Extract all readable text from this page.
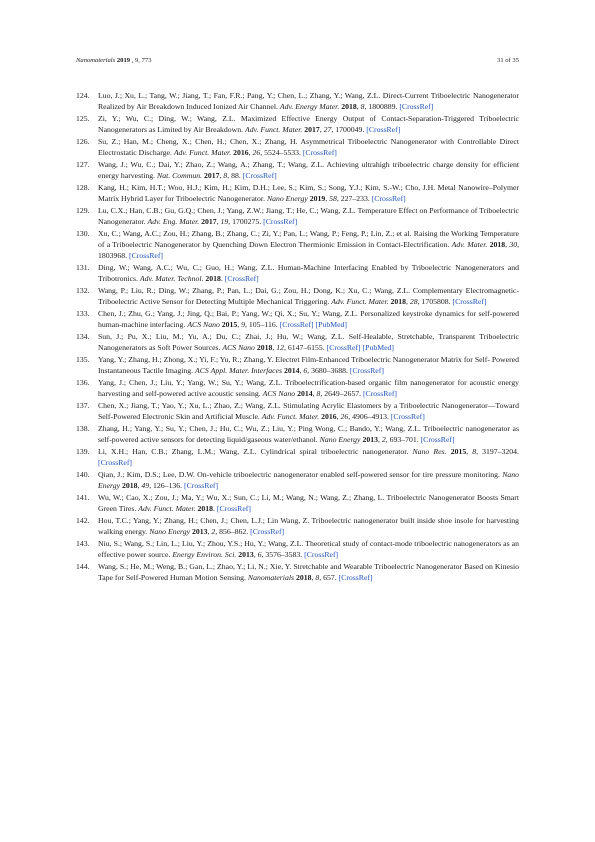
Nanomaterials 2019 , 9, 773	31 of 35
124.	Luo, J.; Xu, L.; Tang, W.; Jiang, T.; Fan, F.R.; Pang, Y.; Chen, L.; Zhang, Y.; Wang, Z.L. Direct-Current Triboelectric Nanogenerator Realized by Air Breakdown Induced Ionized Air Channel. Adv. Energy Mater. 2018, 8, 1800889. [CrossRef]
125.	Zi, Y.; Wu, C.; Ding, W.; Wang, Z.L. Maximized Effective Energy Output of Contact-Separation-Triggered Triboelectric Nanogenerators as Limited by Air Breakdown. Adv. Funct. Mater. 2017, 27, 1700049. [CrossRef]
126.	Su, Z.; Han, M.; Cheng, X.; Chen, H.; Chen, X.; Zhang, H. Asymmetrical Triboelectric Nanogenerator with Controllable Direct Electrostatic Discharge. Adv. Funct. Mater. 2016, 26, 5524–5533. [CrossRef]
127.	Wang, J.; Wu, C.; Dai, Y.; Zhao, Z.; Wang, A.; Zhang, T.; Wang, Z.L. Achieving ultrahigh triboelectric charge density for efficient energy harvesting. Nat. Commun. 2017, 8, 88. [CrossRef]
128.	Kang, H.; Kim, H.T.; Woo, H.J.; Kim, H.; Kim, D.H.; Lee, S.; Kim, S.; Song, Y.J.; Kim, S.-W.; Cho, J.H. Metal Nanowire–Polymer Matrix Hybrid Layer for Triboelectric Nanogenerator. Nano Energy 2019, 58, 227–233. [CrossRef]
129.	Lu, C.X.; Han, C.B.; Gu, G.Q.; Chen, J.; Yang, Z.W.; Jiang, T.; He, C.; Wang, Z.L. Temperature Effect on Performance of Triboelectric Nanogenerator. Adv. Eng. Mater. 2017, 19, 1700275. [CrossRef]
130.	Xu, C.; Wang, A.C.; Zou, H.; Zhang, B.; Zhang, C.; Zi, Y.; Pan, L.; Wang, P.; Feng, P.; Lin, Z.; et al. Raising the Working Temperature of a Triboelectric Nanogenerator by Quenching Down Electron Thermionic Emission in Contact-Electrification. Adv. Mater. 2018, 30, 1803968. [CrossRef]
131.	Ding, W.; Wang, A.C.; Wu, C.; Guo, H.; Wang, Z.L. Human-Machine Interfacing Enabled by Triboelectric Nanogenerators and Tribotronics. Adv. Mater. Technol. 2018. [CrossRef]
132.	Wang, P.; Liu, R.; Ding, W.; Zhang, P.; Pan, L.; Dai, G.; Zou, H.; Dong, K.; Xu, C.; Wang, Z.L. Complementary Electromagnetic-Triboelectric Active Sensor for Detecting Multiple Mechanical Triggering. Adv. Funct. Mater. 2018, 28, 1705808. [CrossRef]
133.	Chen, J.; Zhu, G.; Yang, J.; Jing, Q.; Bai, P.; Yang, W.; Qi, X.; Su, Y.; Wang, Z.L. Personalized keystroke dynamics for self-powered human-machine interfacing. ACS Nano 2015, 9, 105–116. [CrossRef] [PubMed]
134.	Sun, J.; Pu, X.; Liu, M.; Yu, A.; Du, C.; Zhai, J.; Hu, W.; Wang, Z.L. Self-Healable, Stretchable, Transparent Triboelectric Nanogenerators as Soft Power Sources. ACS Nano 2018, 12, 6147–6155. [CrossRef] [PubMed]
135.	Yang, Y.; Zhang, H.; Zhong, X.; Yi, F.; Yu, R.; Zhang, Y. Electret Film-Enhanced Triboelectric Nanogenerator Matrix for Self- Powered Instantaneous Tactile Imaging. ACS Appl. Mater. Interfaces 2014, 6, 3680–3688. [CrossRef]
136.	Yang, J.; Chen, J.; Liu, Y.; Yang, W.; Su, Y.; Wang, Z.L. Triboelectrification-based organic film nanogenerator for acoustic energy harvesting and self-powered active acoustic sensing. ACS Nano 2014, 8, 2649–2657. [CrossRef]
137.	Chen, X.; Jiang, T.; Yao, Y.; Xu, L.; Zhao, Z.; Wang, Z.L. Stimulating Acrylic Elastomers by a Triboelectric Nanogenerator—Toward Self-Powered Electronic Skin and Artificial Muscle. Adv. Funct. Mater. 2016, 26, 4906–4913. [CrossRef]
138.	Zhang, H.; Yang, Y.; Su, Y.; Chen, J.; Hu, C.; Wu, Z.; Liu, Y.; Ping Wong, C.; Bando, Y.; Wang, Z.L. Triboelectric nanogenerator as self-powered active sensors for detecting liquid/gaseous water/ethanol. Nano Energy 2013, 2, 693–701. [CrossRef]
139.	Li, X.H.; Han, C.B.; Zhang, L.M.; Wang, Z.L. Cylindrical spiral triboelectric nanogenerator. Nano Res. 2015, 8, 3197–3204. [CrossRef]
140.	Qian, J.; Kim, D.S.; Lee, D.W. On-vehicle triboelectric nanogenerator enabled self-powered sensor for tire pressure monitoring. Nano Energy 2018, 49, 126–136. [CrossRef]
141.	Wu, W.; Cao, X.; Zou, J.; Ma, Y.; Wu, X.; Sun, C.; Li, M.; Wang, N.; Wang, Z.; Zhang, L. Triboelectric Nanogenerator Boosts Smart Green Tires. Adv. Funct. Mater. 2018. [CrossRef]
142.	Hou, T.C.; Yang, Y.; Zhang, H.; Chen, J.; Chen, L.J.; Lin Wang, Z. Triboelectric nanogenerator built inside shoe insole for harvesting walking energy. Nano Energy 2013, 2, 856–862. [CrossRef]
143.	Niu, S.; Wang, S.; Lin, L.; Liu, Y.; Zhou, Y.S.; Hu, Y.; Wang, Z.L. Theoretical study of contact-mode triboelectric nanogenerators as an effective power source. Energy Environ. Sci. 2013, 6, 3576–3583. [CrossRef]
144.	Wang, S.; He, M.; Weng, B.; Gan, L.; Zhao, Y.; Li, N.; Xie, Y. Stretchable and Wearable Triboelectric Nanogenerator Based on Kinesio Tape for Self-Powered Human Motion Sensing. Nanomaterials 2018, 8, 657. [CrossRef]
